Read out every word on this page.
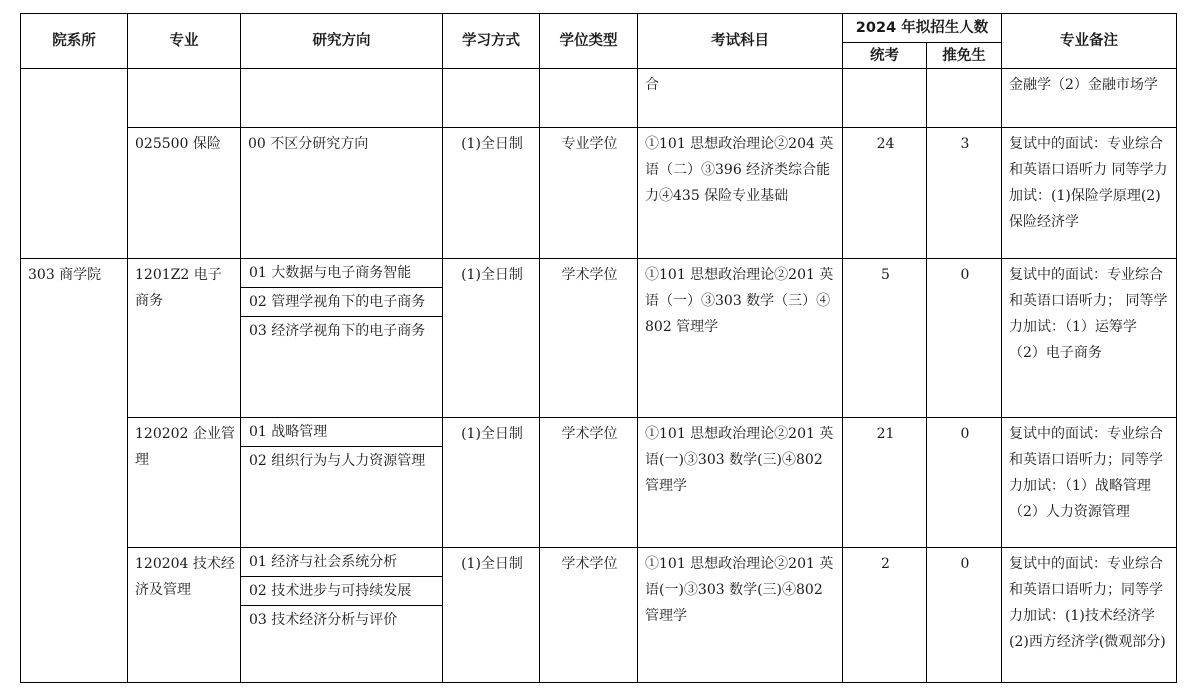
院系所	专业	研究方向	学习方式	学位类型	考试科目	2024 年拟招生人数		专业备注
						统考	推免生	

					合			金融学（2）金融市场学

	025500 保险	00 不区分研究方向	(1)全日制	专业学位	①101 思想政治理论②204 英语（二）③396 经济类综合能力④435 保险专业基础	24	3	复试中的面试：专业综合和英语口语听力 同等学力加试：(1)保险学原理(2)保险经济学

303 商学院	1201Z2 电子商务	01 大数据与电子商务智能
02 管理学视角下的电子商务
03 经济学视角下的电子商务	(1)全日制	学术学位	①101 思想政治理论②201 英语（一）③303 数学（三）④802 管理学	5	0	复试中的面试：专业综合和英语口语听力； 同等学力加试：（1）运筹学 （2）电子商务

	120202 企业管理	01 战略管理
02 组织行为与人力资源管理	(1)全日制	学术学位	①101 思想政治理论②201 英语(一)③303 数学(三)④802 管理学	21	0	复试中的面试：专业综合和英语口语听力；同等学力加试：（1）战略管理（2）人力资源管理

	120204 技术经济及管理	01 经济与社会系统分析
02 技术进步与可持续发展
03 技术经济分析与评价	(1)全日制	学术学位	①101 思想政治理论②201 英语(一)③303 数学(三)④802 管理学	2	0	复试中的面试：专业综合和英语口语听力；同等学力加试：(1)技术经济学(2)西方经济学(微观部分)
